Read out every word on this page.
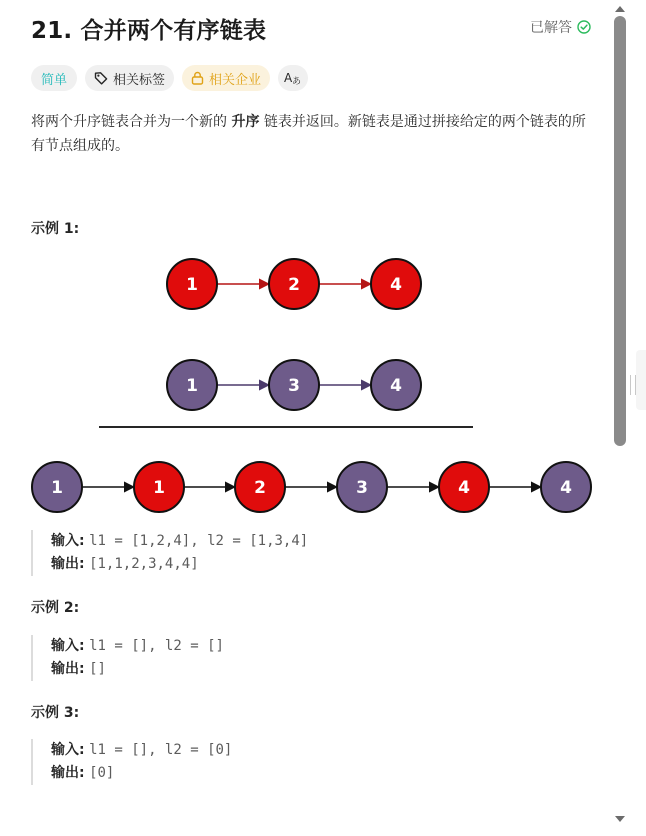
21. 合并两个有序链表	已解答
简单	相关标签	相关企业 A あ
将两个升序链表合并为一个新的 升序 链表并返回。新链表是通过拼接给定的两个链表的所有节点组成的。
示例 1:
1	2	4
1	3	4
1	1	2	3	4	4
输入: l1 = [1,2,4], l2 = [1,3,4]
输出: [1,1,2,3,4,4]
示例 2:
输入: l1 = [], l2 = []
输出: []
示例 3:
输入: l1 = [], l2 = [0]
输出: [0]
